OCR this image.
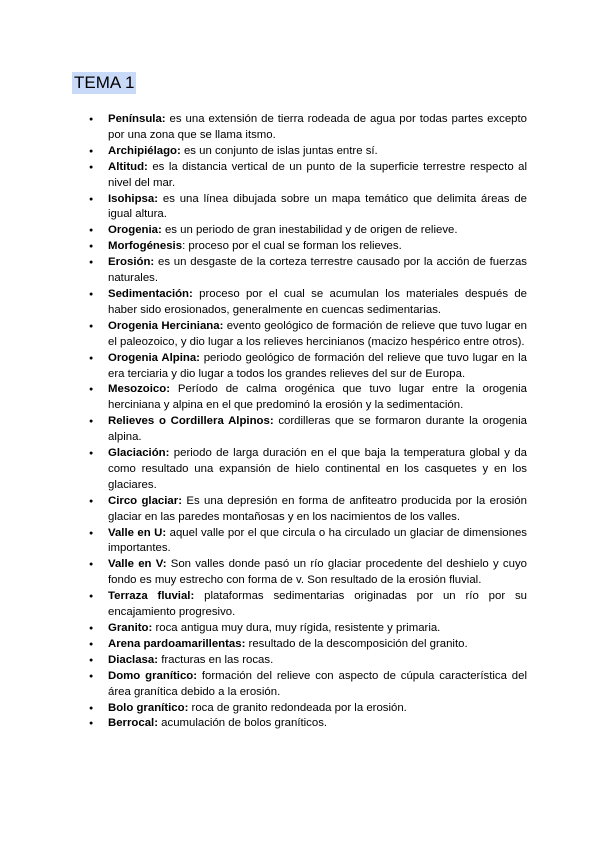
TEMA 1
● Península: es una extensión de tierra rodeada de agua por todas partes excepto por una zona que se llama itsmo.
● Archipiélago: es un conjunto de islas juntas entre sí.
● Altitud: es la distancia vertical de un punto de la superficie terrestre respecto al nivel del mar.
● Isohipsa: es una línea dibujada sobre un mapa temático que delimita áreas de igual altura.
● Orogenia: es un periodo de gran inestabilidad y de origen de relieve.
● Morfogénesis: proceso por el cual se forman los relieves.
● Erosión: es un desgaste de la corteza terrestre causado por la acción de fuerzas naturales.
● Sedimentación: proceso por el cual se acumulan los materiales después de haber sido erosionados, generalmente en cuencas sedimentarias.
● Orogenia Herciniana: evento geológico de formación de relieve que tuvo lugar en el paleozoico, y dio lugar a los relieves hercinianos (macizo hespérico entre otros).
● Orogenia Alpina: periodo geológico de formación del relieve que tuvo lugar en la era terciaria y dio lugar a todos los grandes relieves del sur de Europa.
● Mesozoico: Período de calma orogénica que tuvo lugar entre la orogenia herciniana y alpina en el que predominó la erosión y la sedimentación.
● Relieves o Cordillera Alpinos: cordilleras que se formaron durante la orogenia alpina.
● Glaciación: periodo de larga duración en el que baja la temperatura global y da como resultado una expansión de hielo continental en los casquetes y en los glaciares.
● Circo glaciar: Es una depresión en forma de anfiteatro producida por la erosión glaciar en las paredes montañosas y en los nacimientos de los valles.
● Valle en U: aquel valle por el que circula o ha circulado un glaciar de dimensiones importantes.
● Valle en V: Son valles donde pasó un río glaciar procedente del deshielo y cuyo fondo es muy estrecho con forma de v. Son resultado de la erosión fluvial.
● Terraza fluvial: plataformas sedimentarias originadas por un río por su encajamiento progresivo.
● Granito: roca antigua muy dura, muy rígida, resistente y primaria.
● Arena pardoamarillentas: resultado de la descomposición del granito.
● Diaclasa: fracturas en las rocas.
● Domo granítico: formación del relieve con aspecto de cúpula característica del área granítica debido a la erosión.
● Bolo granítico: roca de granito redondeada por la erosión.
● Berrocal: acumulación de bolos graníticos.
